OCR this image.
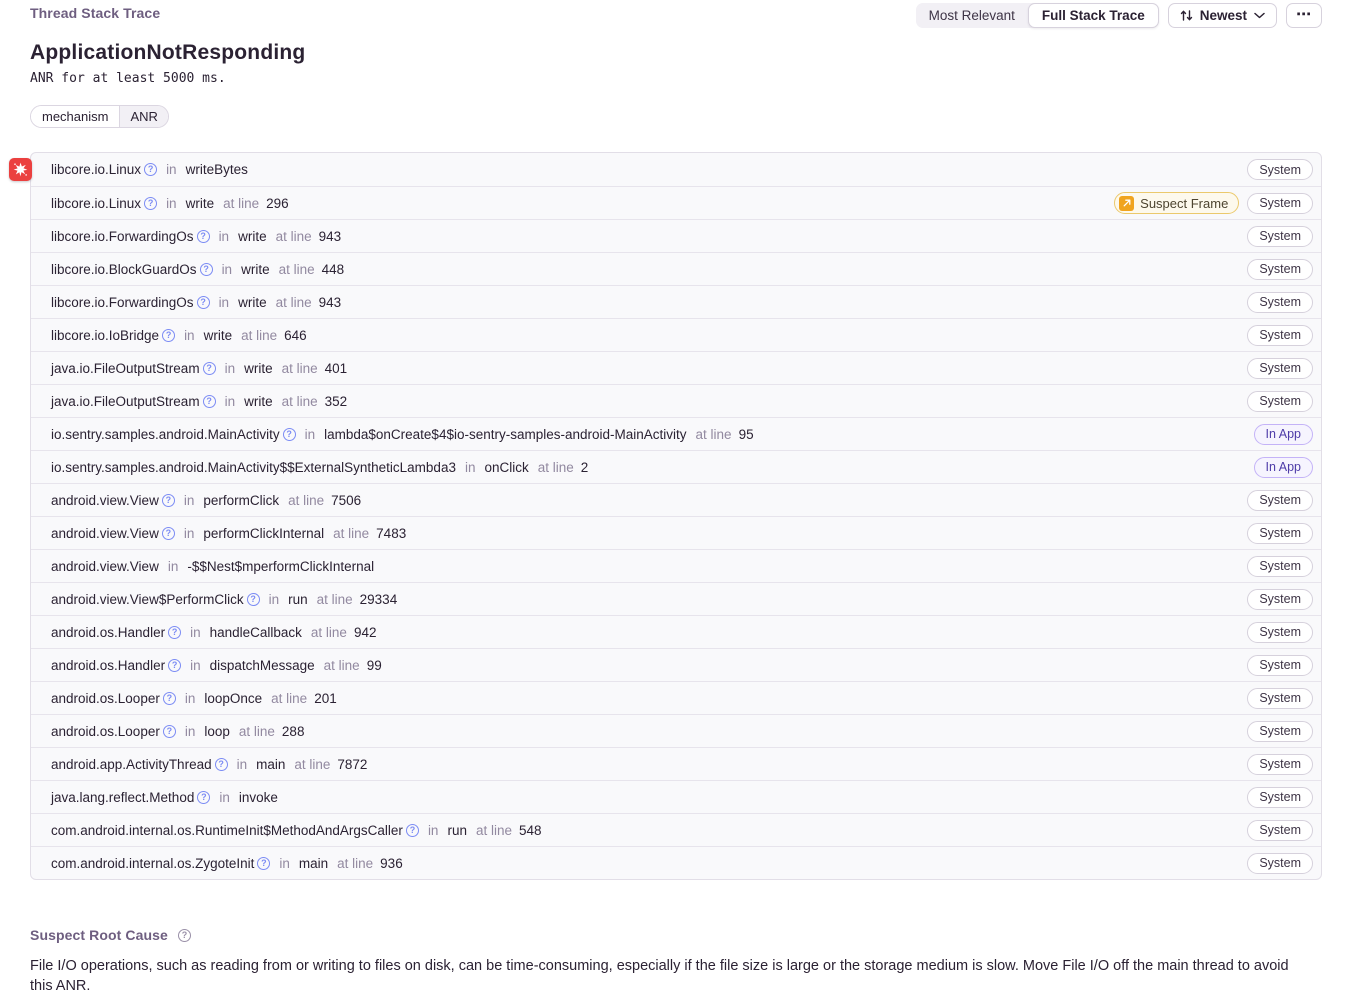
Thread Stack Trace	Most Relevant	Full Stack Trace	Newest	⋯
ApplicationNotResponding
ANR for at least 5000 ms.
mechanism	ANR
libcore.io.Linux ? in writeBytes	System
libcore.io.Linux ? in write at line 296	Suspect Frame	System
libcore.io.ForwardingOs ? in write at line 943	System
libcore.io.BlockGuardOs ? in write at line 448	System
libcore.io.ForwardingOs ? in write at line 943	System
libcore.io.IoBridge ? in write at line 646	System
java.io.FileOutputStream ? in write at line 401	System
java.io.FileOutputStream ? in write at line 352	System
io.sentry.samples.android.MainActivity ? in lambda$onCreate$4$io-sentry-samples-android-MainActivity at line 95	In App
io.sentry.samples.android.MainActivity$$ExternalSyntheticLambda3 in onClick at line 2	In App
android.view.View ? in performClick at line 7506	System
android.view.View ? in performClickInternal at line 7483	System
android.view.View in -$$Nest$mperformClickInternal	System
android.view.View$PerformClick ? in run at line 29334	System
android.os.Handler ? in handleCallback at line 942	System
android.os.Handler ? in dispatchMessage at line 99	System
android.os.Looper ? in loopOnce at line 201	System
android.os.Looper ? in loop at line 288	System
android.app.ActivityThread ? in main at line 7872	System
java.lang.reflect.Method ? in invoke	System
com.android.internal.os.RuntimeInit$MethodAndArgsCaller ? in run at line 548	System
com.android.internal.os.ZygoteInit ? in main at line 936	System
Suspect Root Cause	?
File I/O operations, such as reading from or writing to files on disk, can be time-consuming, especially if the file size is large or the storage medium is slow. Move File I/O off the main thread to avoid this ANR.
